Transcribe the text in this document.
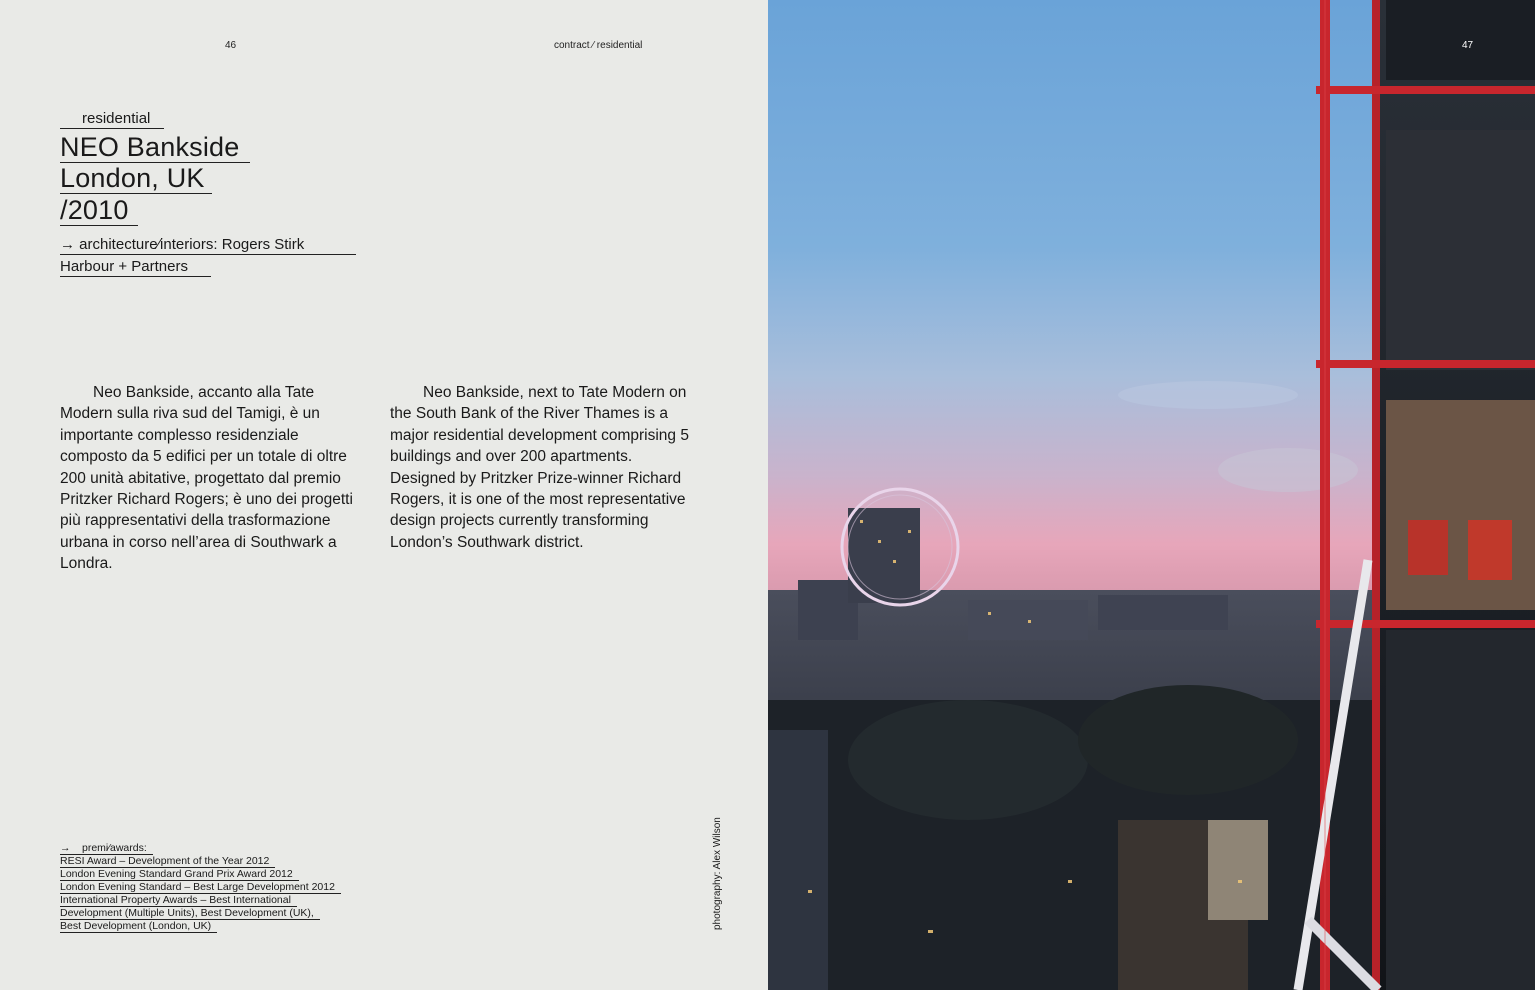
46	contract ⁄ residential
residential
NEO Bankside
London, UK
/2010
→ architecture⁄interiors: Rogers Stirk
Harbour + Partners

Neo Bankside, accanto alla Tate Modern sulla riva sud del Tamigi, è un importante complesso residenziale composto da 5 edifici per un totale di oltre 200 unità abitative, progettato dal premio Pritzker Richard Rogers; è uno dei progetti più rappresentativi della trasformazione urbana in corso nell’area di Southwark a Londra.

Neo Bankside, next to Tate Modern on the South Bank of the River Thames is a major residential development comprising 5 buildings and over 200 apartments. Designed by Pritzker Prize-winner Richard Rogers, it is one of the most representative design projects currently transforming London’s Southwark district.

→	premi⁄awards:
RESI Award – Development of the Year 2012
London Evening Standard Grand Prix Award 2012
London Evening Standard – Best Large Development 2012
International Property Awards – Best International
Development (Multiple Units), Best Development (UK),
Best Development (London, UK)	photography: Alex Wilson
47
